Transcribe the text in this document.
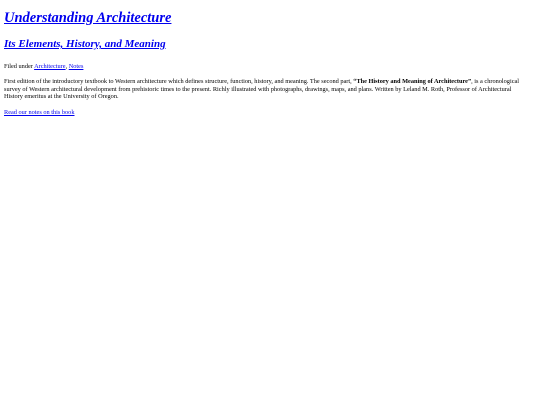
Understanding Architecture
Its Elements, History, and Meaning

Filed under Architecture, Notes

First edition of the introductory textbook to Western architecture which defines structure, function, history, and meaning. The second part, “The History and Meaning of Architecture”, is a chronological survey of Western architectural development from prehistoric times to the present. Richly illustrated with photographs, drawings, maps, and plans. Written by Leland M. Roth, Professor of Architectural History emeritus at the University of Oregon.

Read our notes on this book
